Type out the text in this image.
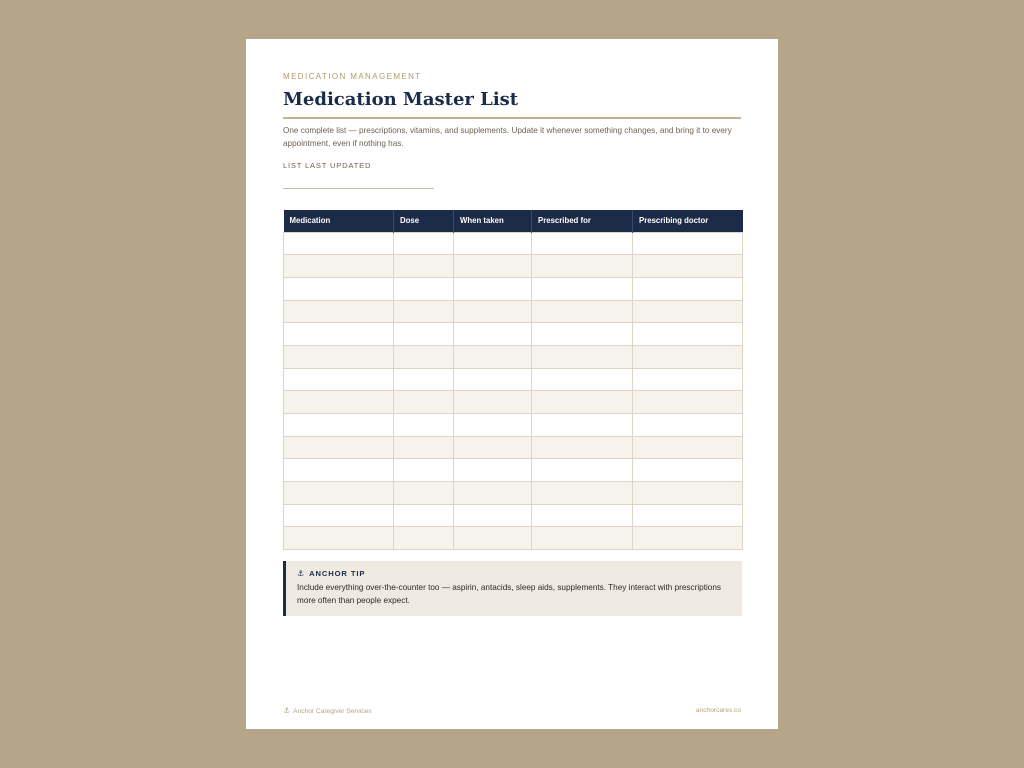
MEDICATION MANAGEMENT
Medication Master List
One complete list — prescriptions, vitamins, and supplements. Update it whenever something changes, and bring it to every appointment, even if nothing has.
LIST LAST UPDATED
Medication	Dose	When taken	Prescribed for	Prescribing doctor

⚓ ANCHOR TIP
Include everything over-the-counter too — aspirin, antacids, sleep aids, supplements. They interact with prescriptions more often than people expect.
⚓ Anchor Caregiver Services	anchorcares.co
